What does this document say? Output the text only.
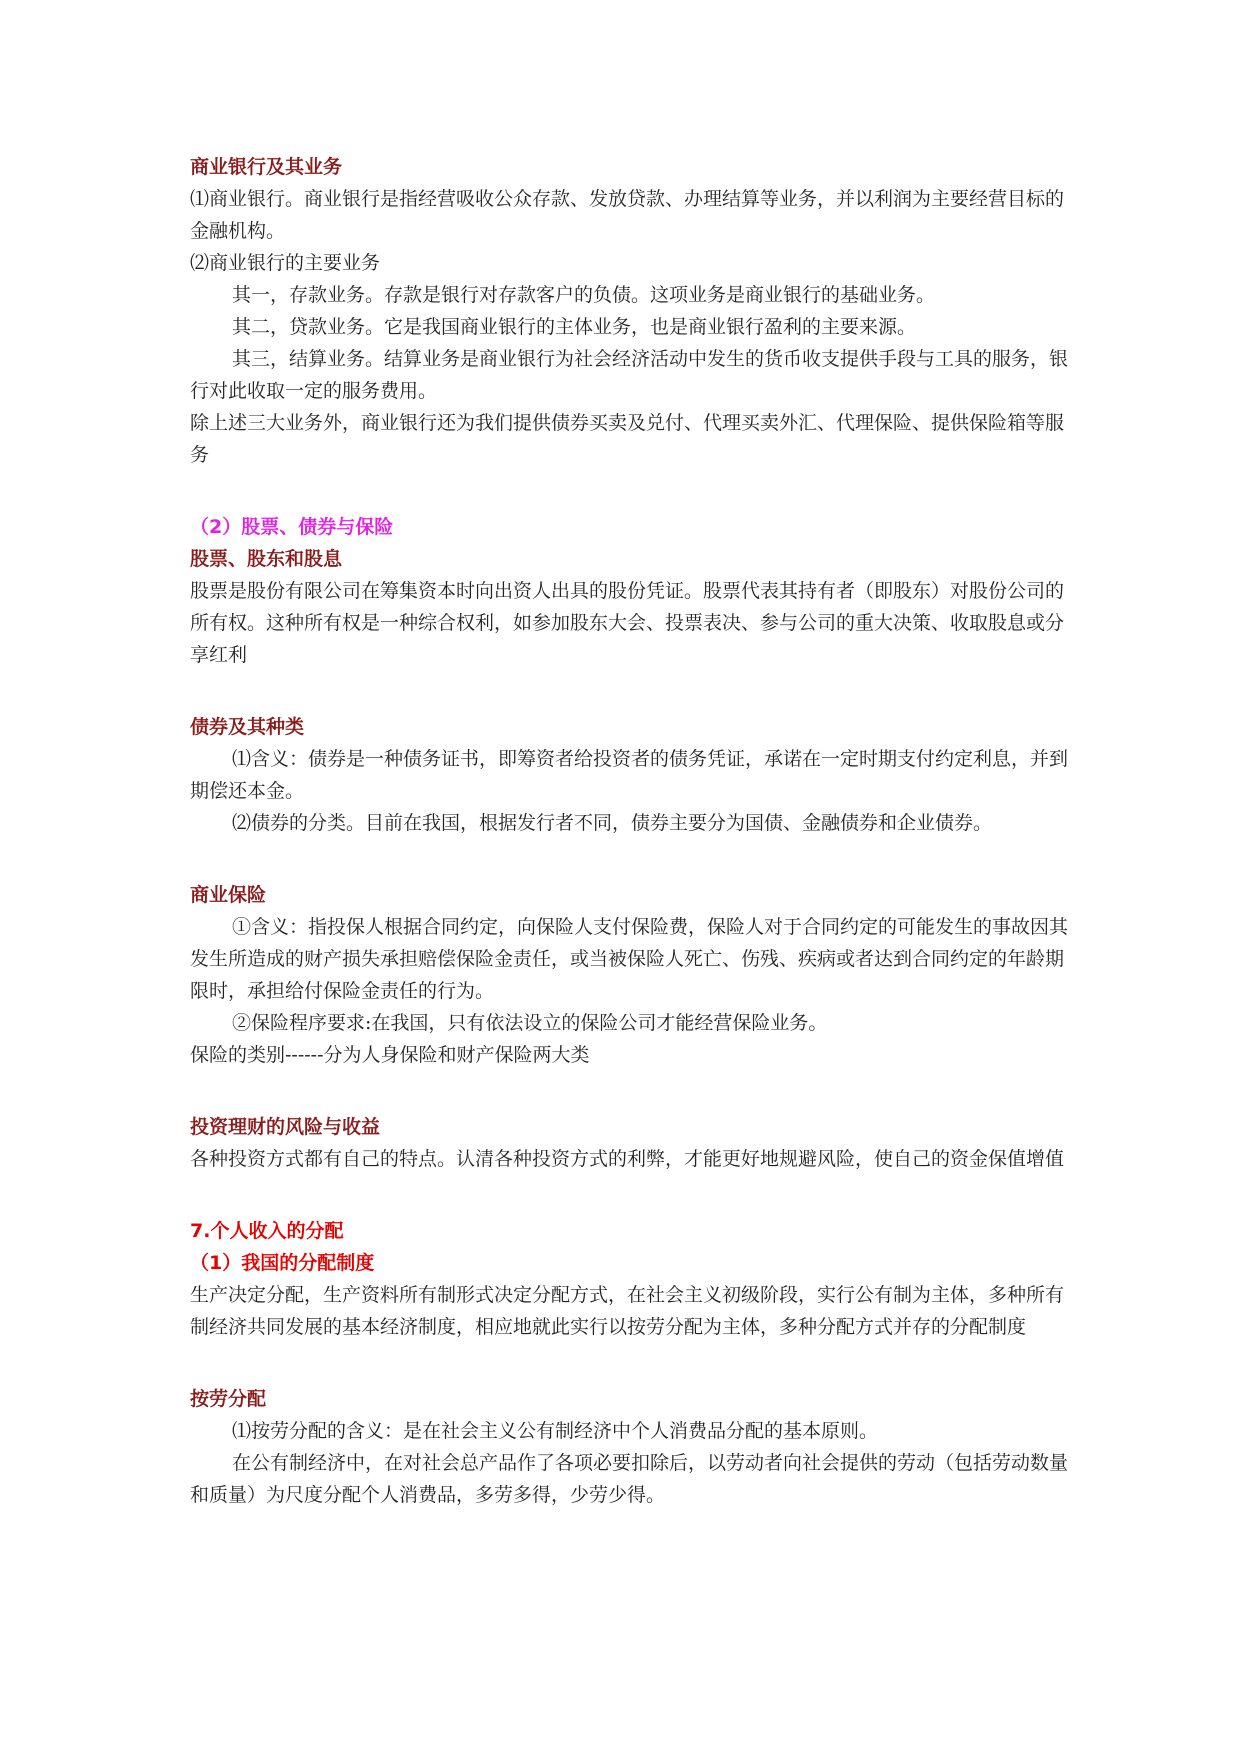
商业银行及其业务
⑴商业银行。商业银行是指经营吸收公众存款、发放贷款、办理结算等业务，并以利润为主要经营目标的金融机构。
⑵商业银行的主要业务
其一，存款业务。存款是银行对存款客户的负债。这项业务是商业银行的基础业务。
其二，贷款业务。它是我国商业银行的主体业务，也是商业银行盈利的主要来源。
其三，结算业务。结算业务是商业银行为社会经济活动中发生的货币收支提供手段与工具的服务，银行对此收取一定的服务费用。
除上述三大业务外，商业银行还为我们提供债券买卖及兑付、代理买卖外汇、代理保险、提供保险箱等服务
（2）股票、债券与保险
股票、股东和股息
股票是股份有限公司在筹集资本时向出资人出具的股份凭证。股票代表其持有者（即股东）对股份公司的所有权。这种所有权是一种综合权利，如参加股东大会、投票表决、参与公司的重大决策、收取股息或分享红利
债券及其种类
⑴含义：债券是一种债务证书，即筹资者给投资者的债务凭证，承诺在一定时期支付约定利息，并到期偿还本金。
⑵债券的分类。目前在我国，根据发行者不同，债券主要分为国债、金融债券和企业债券。
商业保险
①含义：指投保人根据合同约定，向保险人支付保险费，保险人对于合同约定的可能发生的事故因其发生所造成的财产损失承担赔偿保险金责任，或当被保险人死亡、伤残、疾病或者达到合同约定的年龄期限时，承担给付保险金责任的行为。
②保险程序要求:在我国，只有依法设立的保险公司才能经营保险业务。
保险的类别------分为人身保险和财产保险两大类
投资理财的风险与收益
各种投资方式都有自己的特点。认清各种投资方式的利弊，才能更好地规避风险，使自己的资金保值增值
7.个人收入的分配
（1）我国的分配制度
生产决定分配，生产资料所有制形式决定分配方式，在社会主义初级阶段，实行公有制为主体，多种所有制经济共同发展的基本经济制度，相应地就此实行以按劳分配为主体，多种分配方式并存的分配制度
按劳分配
⑴按劳分配的含义：是在社会主义公有制经济中个人消费品分配的基本原则。
在公有制经济中，在对社会总产品作了各项必要扣除后，以劳动者向社会提供的劳动（包括劳动数量和质量）为尺度分配个人消费品，多劳多得，少劳少得。
